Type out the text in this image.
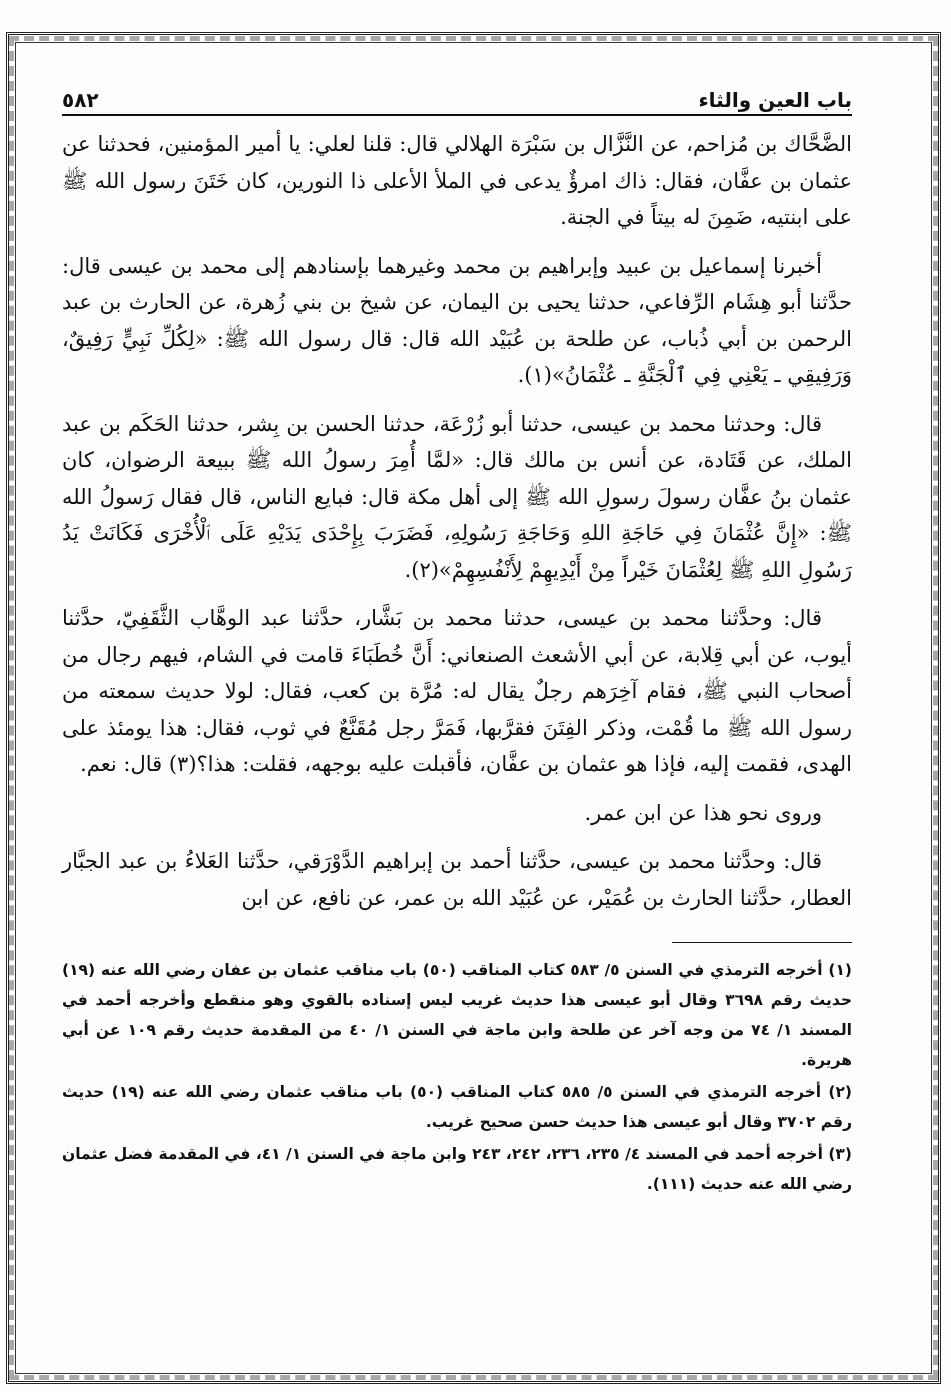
باب العين والثاء
٥٨٢

الضَّحَّاك بن مُزاحم، عن النَّزَّال بن سَبْرَة الهلالي قال: قلنا لعلي: يا أمير المؤمنين، فحدثنا عن عثمان بن عفَّان، فقال: ذاك امرؤٌ يدعى في الملأ الأعلى ذا النورين، كان خَتَنَ رسول الله ﷺ على ابنتيه، ضَمِنَ له بيتاً في الجنة.

أخبرنا إسماعيل بن عبيد وإبراهيم بن محمد وغيرهما بإسنادهم إلى محمد بن عيسى قال: حدَّثنا أبو هِشَام الرِّفاعي، حدثنا يحيى بن اليمان، عن شيخ بن بني زُهرة، عن الحارث بن عبد الرحمن بن أبي ذُباب، عن طلحة بن عُبَيْد الله قال: قال رسول الله ﷺ: «لِكُلِّ نَبِيٍّ رَفِيقٌ، وَرَفِيقِي ـ يَعْنِي فِي ٱلْجَنَّةِ ـ عُثْمَانُ»(١).

قال: وحدثنا محمد بن عيسى، حدثنا أبو زُرْعَة، حدثنا الحسن بن بِشر، حدثنا الحَكَم بن عبد الملك، عن قَتَادة، عن أنس بن مالك قال: «لمَّا أُمِرَ رسولُ الله ﷺ ببيعة الرضوان، كان عثمان بنُ عفَّان رسولَ رسولِ الله ﷺ إلى أهل مكة قال: فبايع الناس، قال فقال رَسولُ الله ﷺ: «إِنَّ عُثْمَانَ فِي حَاجَةِ اللهِ وَحَاجَةِ رَسُولِهِ، فَضَرَبَ بِإِحْدَى يَدَيْهِ عَلَى ٱلْأُخْرَى فَكَانَتْ يَدُ رَسُولِ اللهِ ﷺ لِعُثْمَانَ خَيْراً مِنْ أَيْدِيهِمْ لِأَنْفُسِهِمْ»(٢).

قال: وحدَّثنا محمد بن عيسى، حدثنا محمد بن بَشَّار، حدَّثنا عبد الوهَّاب الثَّقَفِيّ، حدَّثنا أيوب، عن أبي قِلابة، عن أبي الأشعث الصنعاني: أَنَّ خُطَبَاءَ قامت في الشام، فيهم رجال من أصحاب النبي ﷺ، فقام آخِرَهم رجلٌ يقال له: مُرَّة بن كعب، فقال: لولا حديث سمعته من رسول الله ﷺ ما قُمْت، وذكر الفِتَنَ فقرَّبها، فَمَرَّ رجل مُقَنَّعٌ في ثوب، فقال: هذا يومئذ على الهدى، فقمت إليه، فإذا هو عثمان بن عفَّان، فأقبلت عليه بوجهه، فقلت: هذا؟(٣) قال: نعم.

وروى نحو هذا عن ابن عمر.

قال: وحدَّثنا محمد بن عيسى، حدَّثنا أحمد بن إبراهيم الدَّوْرَقي، حدَّثنا العَلاءُ بن عبد الجبَّار العطار، حدَّثنا الحارث بن عُمَيْر، عن عُبَيْد الله بن عمر، عن نافع، عن ابن

(١) أخرجه الترمذي في السنن ٥/ ٥٨٣ كتاب المناقب (٥٠) باب مناقب عثمان بن عفان رضي الله عنه (١٩) حديث رقم ٣٦٩٨ وقال أبو عيسى هذا حديث غريب ليس إسناده بالقوي وهو منقطع وأخرجه أحمد في المسند ١/ ٧٤ من وجه آخر عن طلحة وابن ماجة في السنن ١/ ٤٠ من المقدمة حديث رقم ١٠٩ عن أبي هريرة.

(٢) أخرجه الترمذي في السنن ٥/ ٥٨٥ كتاب المناقب (٥٠) باب مناقب عثمان رضي الله عنه (١٩) حديث رقم ٣٧٠٢ وقال أبو عيسى هذا حديث حسن صحيح غريب.

(٣) أخرجه أحمد في المسند ٤/ ٢٣٥، ٢٣٦، ٢٤٢، ٢٤٣ وابن ماجة في السنن ١/ ٤١، في المقدمة فضل عثمان رضي الله عنه حديث (١١١).
